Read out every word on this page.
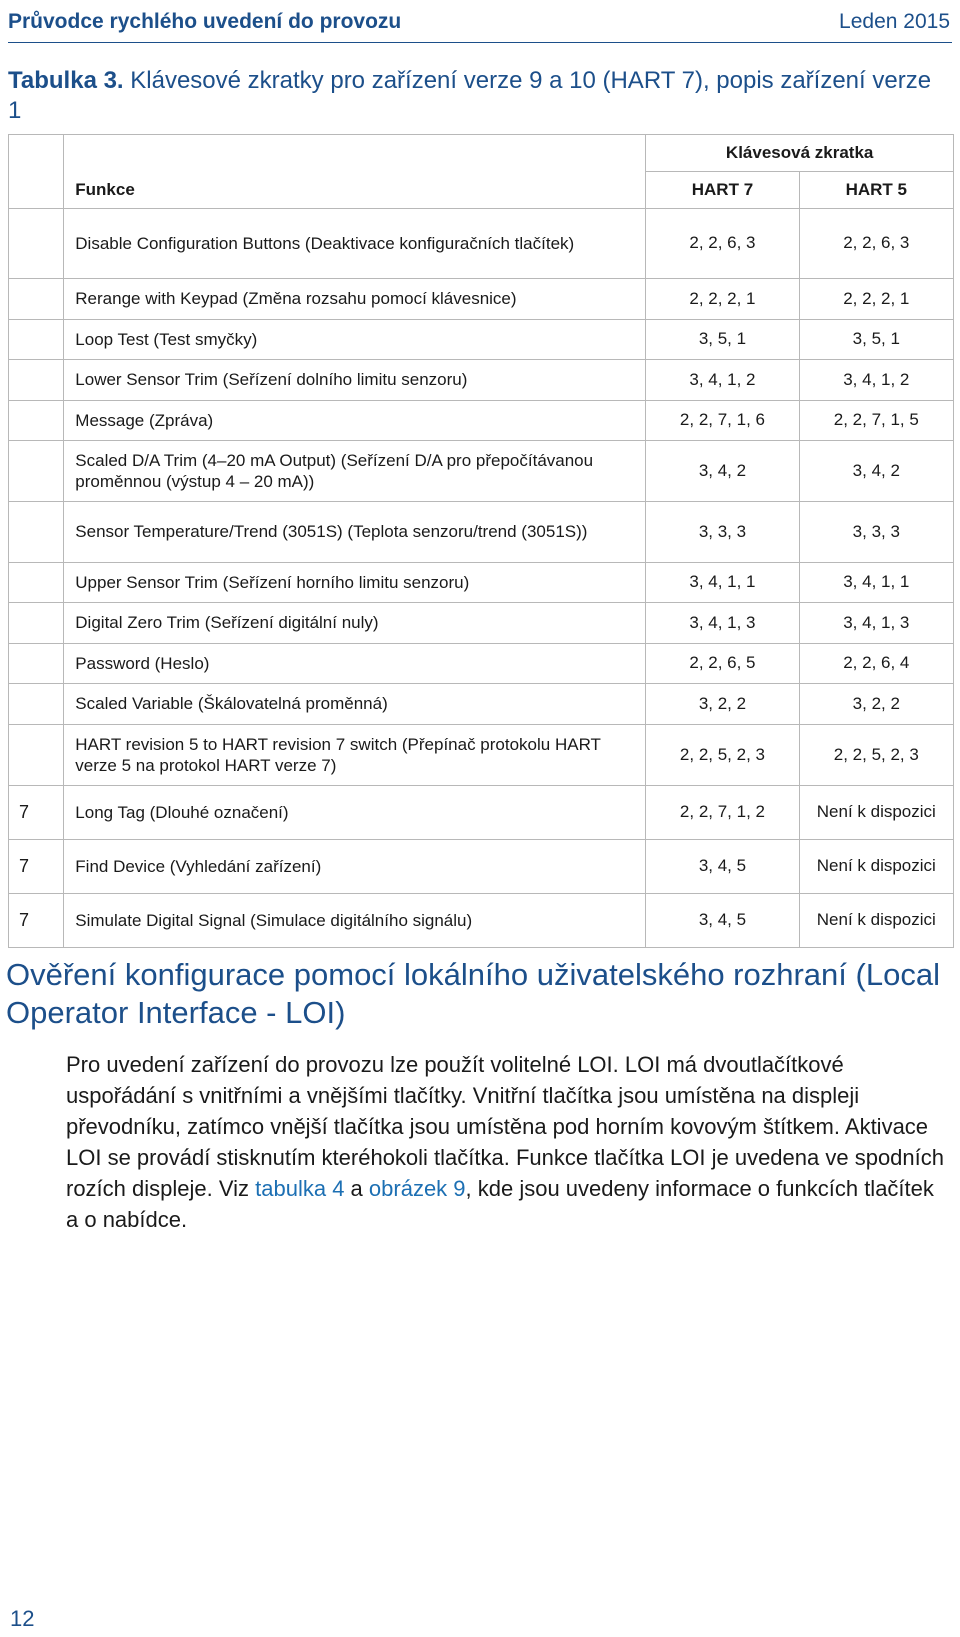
Průvodce rychlého uvedení do provozu	Leden 2015
Tabulka 3. Klávesové zkratky pro zařízení verze 9 a 10 (HART 7), popis zařízení verze 1
		Klávesová zkratka	
	Funkce	HART 7	HART 5
	Disable Configuration Buttons (Deaktivace konfiguračních tlačítek)	2, 2, 6, 3	2, 2, 6, 3
	Rerange with Keypad (Změna rozsahu pomocí klávesnice)	2, 2, 2, 1	2, 2, 2, 1
	Loop Test (Test smyčky)	3, 5, 1	3, 5, 1
	Lower Sensor Trim (Seřízení dolního limitu senzoru)	3, 4, 1, 2	3, 4, 1, 2
	Message (Zpráva)	2, 2, 7, 1, 6	2, 2, 7, 1, 5
	Scaled D/A Trim (4–20 mA Output) (Seřízení D/A pro přepočítávanou proměnnou (výstup 4 – 20 mA))	3, 4, 2	3, 4, 2
	Sensor Temperature/Trend (3051S) (Teplota senzoru/trend (3051S))	3, 3, 3	3, 3, 3
	Upper Sensor Trim (Seřízení horního limitu senzoru)	3, 4, 1, 1	3, 4, 1, 1
	Digital Zero Trim (Seřízení digitální nuly)	3, 4, 1, 3	3, 4, 1, 3
	Password (Heslo)	2, 2, 6, 5	2, 2, 6, 4
	Scaled Variable (Škálovatelná proměnná)	3, 2, 2	3, 2, 2
	HART revision 5 to HART revision 7 switch (Přepínač protokolu HART verze 5 na protokol HART verze 7)	2, 2, 5, 2, 3	2, 2, 5, 2, 3
7	Long Tag (Dlouhé označení)	2, 2, 7, 1, 2	Není k dispozici
7	Find Device (Vyhledání zařízení)	3, 4, 5	Není k dispozici
7	Simulate Digital Signal (Simulace digitálního signálu)	3, 4, 5	Není k dispozici
Ověření konfigurace pomocí lokálního uživatelského rozhraní (Local Operator Interface - LOI)
Pro uvedení zařízení do provozu lze použít volitelné LOI. LOI má dvoutlačítkové uspořádání s vnitřními a vnějšími tlačítky. Vnitřní tlačítka jsou umístěna na displeji převodníku, zatímco vnější tlačítka jsou umístěna pod horním kovovým štítkem. Aktivace LOI se provádí stisknutím kteréhokoli tlačítka. Funkce tlačítka LOI je uvedena ve spodních rozích displeje. Viz tabulka 4 a obrázek 9, kde jsou uvedeny informace o funkcích tlačítek a o nabídce.
12
